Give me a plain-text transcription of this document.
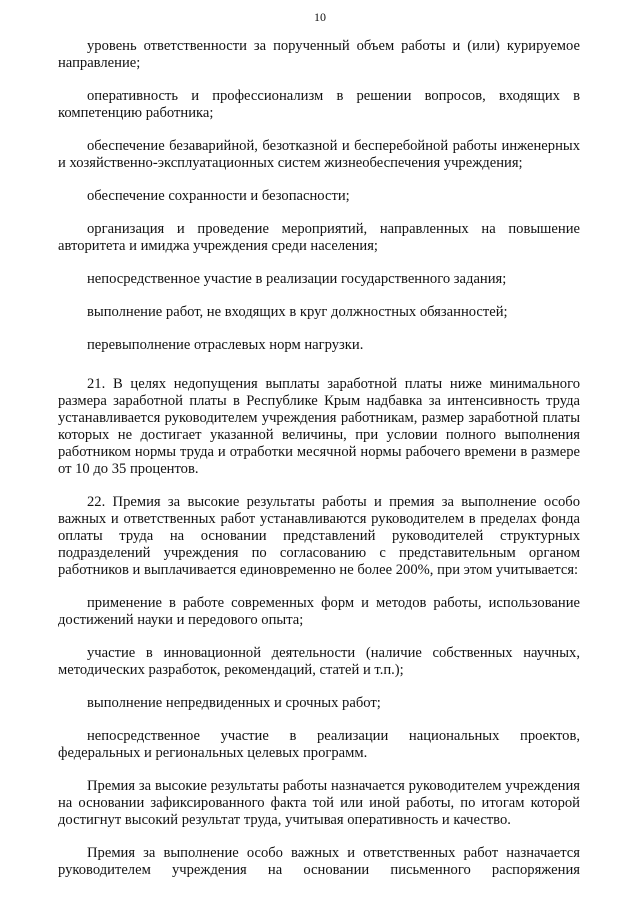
10

уровень ответственности за порученный объем работы и (или) курируемое направление;

оперативность и профессионализм в решении вопросов, входящих в компетенцию работника;

обеспечение безаварийной, безотказной и бесперебойной работы инженерных и хозяйственно-эксплуатационных систем жизнеобеспечения учреждения;

обеспечение сохранности и безопасности;

организация и проведение мероприятий, направленных на повышение авторитета и имиджа учреждения среди населения;

непосредственное участие в реализации государственного задания;

выполнение работ, не входящих в круг должностных обязанностей;

перевыполнение отраслевых норм нагрузки.

21. В целях недопущения выплаты заработной платы ниже минимального размера заработной платы в Республике Крым надбавка за интенсивность труда устанавливается руководителем учреждения работникам, размер заработной платы которых не достигает указанной величины, при условии полного выполнения работником нормы труда и отработки месячной нормы рабочего времени в размере от 10 до 35 процентов.

22. Премия за высокие результаты работы и премия за выполнение особо важных и ответственных работ устанавливаются руководителем в пределах фонда оплаты труда на основании представлений руководителей структурных подразделений учреждения по согласованию с представительным органом работников и выплачивается единовременно не более 200%, при этом учитывается:

применение в работе современных форм и методов работы, использование достижений науки и передового опыта;

участие в инновационной деятельности (наличие собственных научных, методических разработок, рекомендаций, статей и т.п.);

выполнение непредвиденных и срочных работ;

непосредственное участие в реализации национальных проектов, федеральных и региональных целевых программ.

Премия за высокие результаты работы назначается руководителем учреждения на основании зафиксированного факта той или иной работы, по итогам которой достигнут высокий результат труда, учитывая оперативность и качество.

Премия за выполнение особо важных и ответственных работ назначается руководителем учреждения на основании письменного распоряжения
